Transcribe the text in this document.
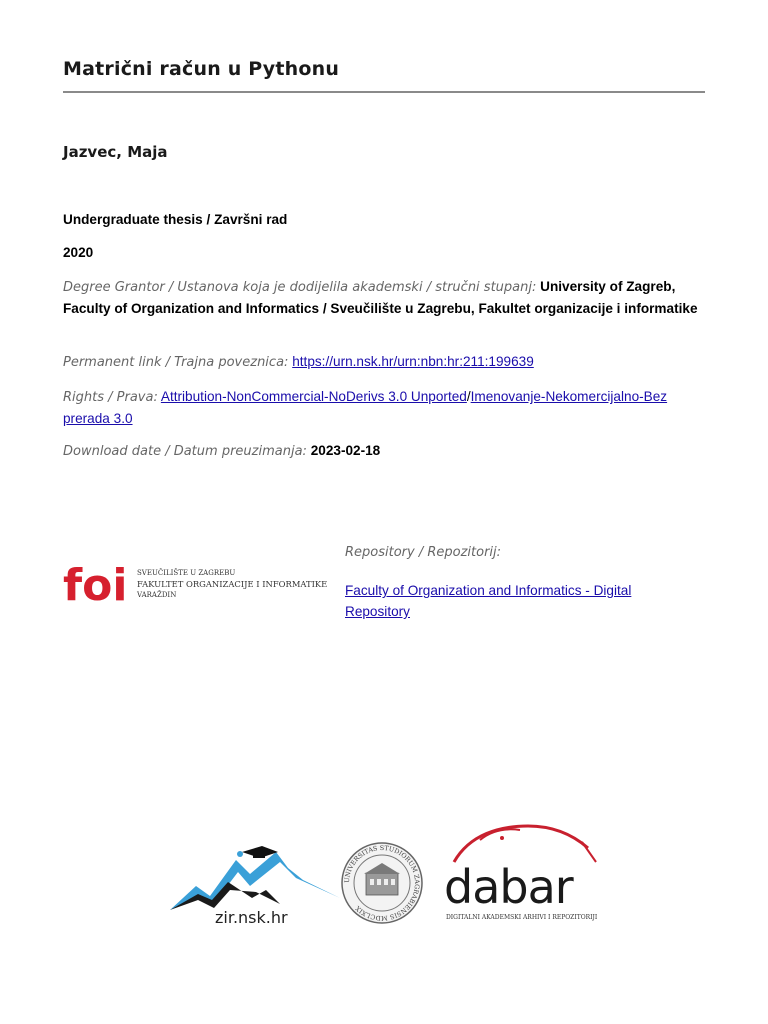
Matrični račun u Pythonu
Jazvec, Maja
Undergraduate thesis / Završni rad
2020
Degree Grantor / Ustanova koja je dodijelila akademski / stručni stupanj: University of Zagreb, Faculty of Organization and Informatics / Sveučilište u Zagrebu, Fakultet organizacije i informatike
Permanent link / Trajna poveznica: https://urn.nsk.hr/urn:nbn:hr:211:199639
Rights / Prava: Attribution-NonCommercial-NoDerivs 3.0 Unported/Imenovanje-Nekomercijalno-Bez prerada 3.0
Download date / Datum preuzimanja: 2023-02-18
foi SVEUČILIŠTE U ZAGREBU
FAKULTET ORGANIZACIJE I INFORMATIKE
VARAŽDIN
Repository / Repozitorij:
Faculty of Organization and Informatics - Digital Repository
zir.nsk.hr
UNIVERSITAS STUDIORUM ZAGRABIENSIS MDCLXIX	dabar
DIGITALNI AKADEMSKI ARHIVI I REPOZITORIJI
